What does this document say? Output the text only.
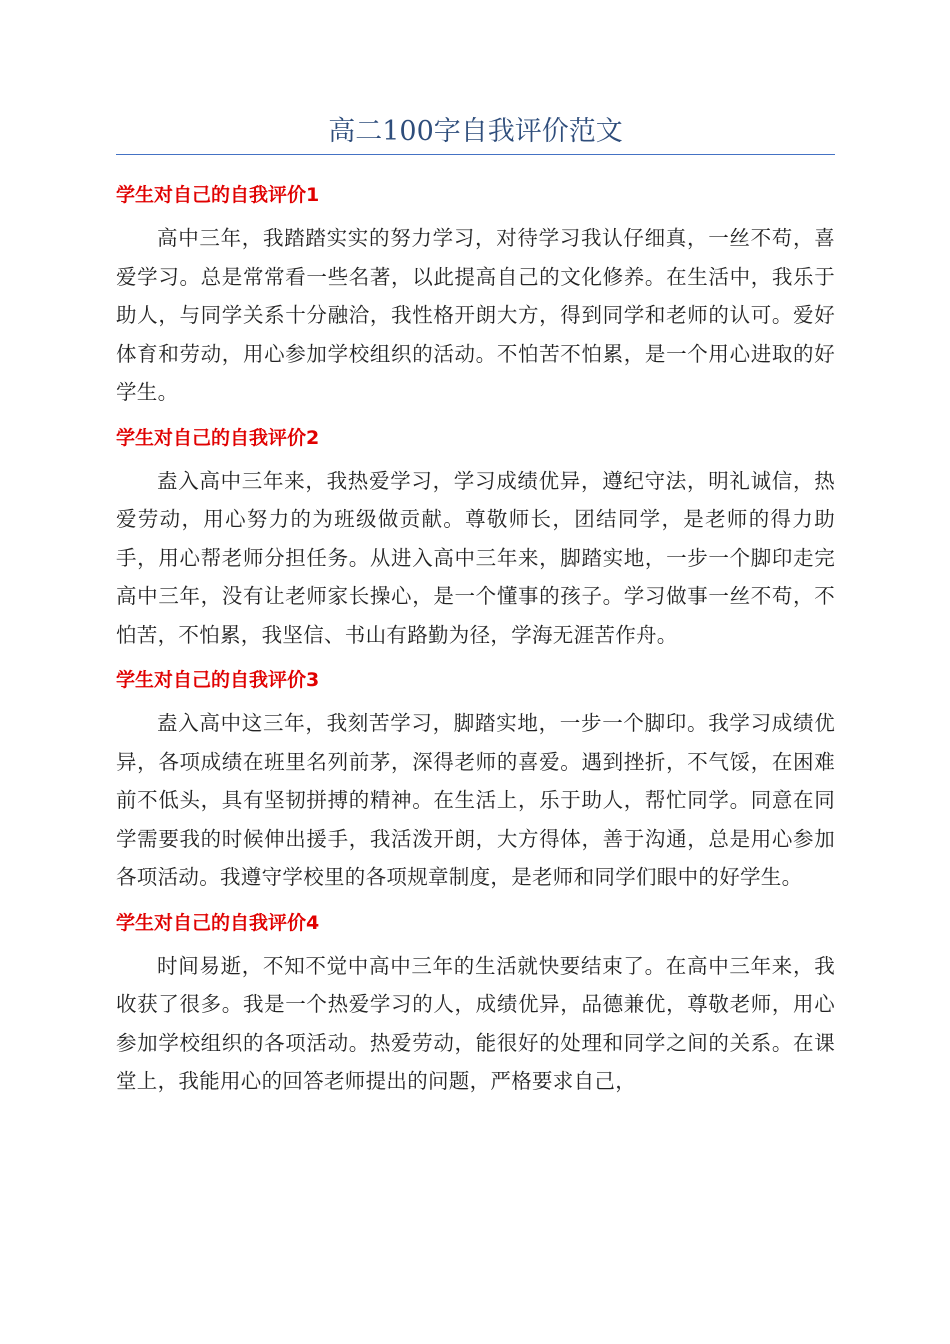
高二100字自我评价范文
学生对自己的自我评价1

高中三年，我踏踏实实的努力学习，对待学习我认仔细真，一丝不苟，喜爱学习。总是常常看一些名著，以此提高自己的文化修养。在生活中，我乐于助人，与同学关系十分融洽，我性格开朗大方，得到同学和老师的认可。爱好体育和劳动，用心参加学校组织的活动。不怕苦不怕累，是一个用心进取的好学生。

学生对自己的自我评价2

盍入高中三年来，我热爱学习，学习成绩优异，遵纪守法，明礼诚信，热爱劳动，用心努力的为班级做贡献。尊敬师长，团结同学，是老师的得力助手，用心帮老师分担任务。从进入高中三年来，脚踏实地，一步一个脚印走完高中三年，没有让老师家长操心，是一个懂事的孩子。学习做事一丝不苟，不怕苦，不怕累，我坚信、书山有路勤为径，学海无涯苦作舟。

学生对自己的自我评价3

盍入高中这三年，我刻苦学习，脚踏实地，一步一个脚印。我学习成绩优异，各项成绩在班里名列前茅，深得老师的喜爱。遇到挫折，不气馁，在困难前不低头，具有坚韧拼搏的精神。在生活上，乐于助人，帮忙同学。同意在同学需要我的时候伸出援手，我活泼开朗，大方得体，善于沟通，总是用心参加各项活动。我遵守学校里的各项规章制度，是老师和同学们眼中的好学生。

学生对自己的自我评价4

时间易逝，不知不觉中高中三年的生活就快要结束了。在高中三年来，我收获了很多。我是一个热爱学习的人，成绩优异，品德兼优，尊敬老师，用心参加学校组织的各项活动。热爱劳动，能很好的处理和同学之间的关系。在课堂上，我能用心的回答老师提出的问题，严格要求自己，
